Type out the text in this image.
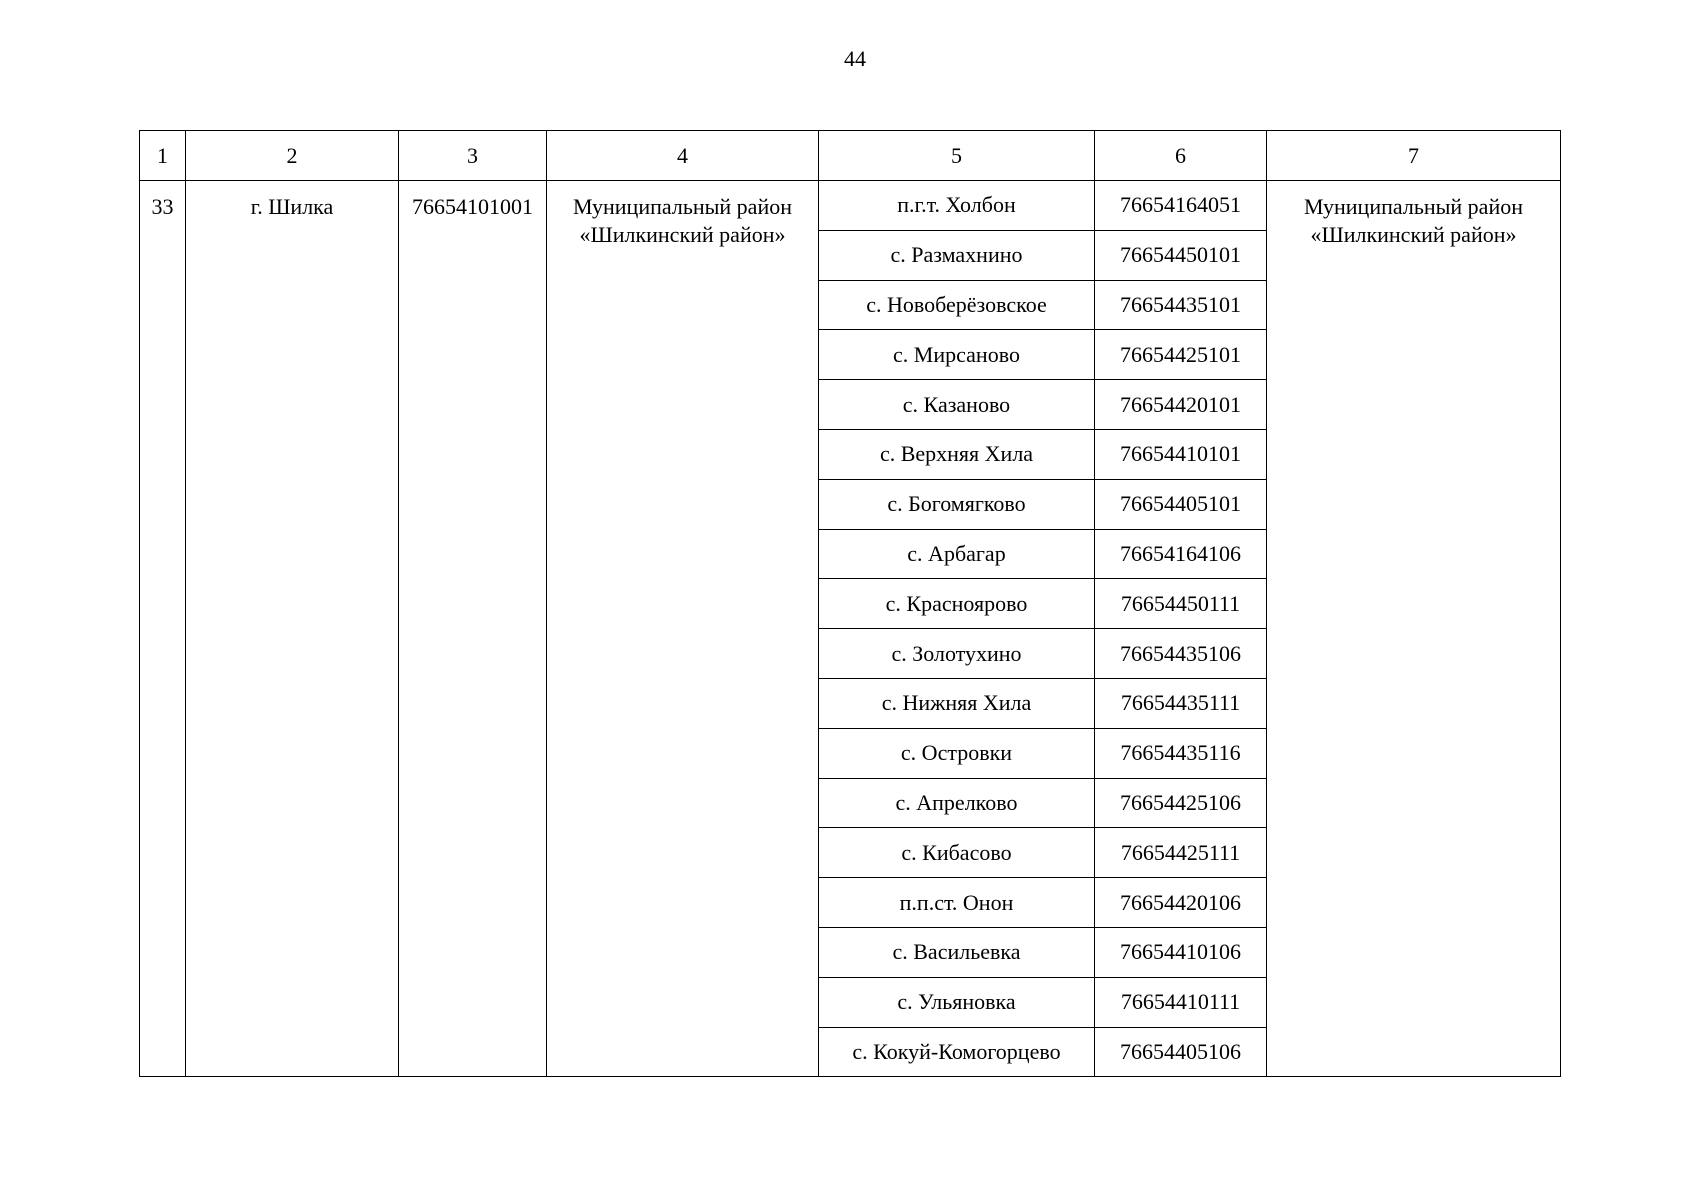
44
1	2	3	4	5	6	7
33	г. Шилка	76654101001	Муниципальный район «Шилкинский район»	п.г.т. Холбон	76654164051	Муниципальный район «Шилкинский район»
				с. Размахнино	76654450101	
				с. Новоберёзовское	76654435101	
				с. Мирсаново	76654425101	
				с. Казаново	76654420101	
				с. Верхняя Хила	76654410101	
				с. Богомягково	76654405101	
				с. Арбагар	76654164106	
				с. Красноярово	76654450111	
				с. Золотухино	76654435106	
				с. Нижняя Хила	76654435111	
				с. Островки	76654435116	
				с. Апрелково	76654425106	
				с. Кибасово	76654425111	
				п.п.ст. Онон	76654420106	
				с. Васильевка	76654410106	
				с. Ульяновка	76654410111	
				с. Кокуй-Комогорцево	76654405106	
